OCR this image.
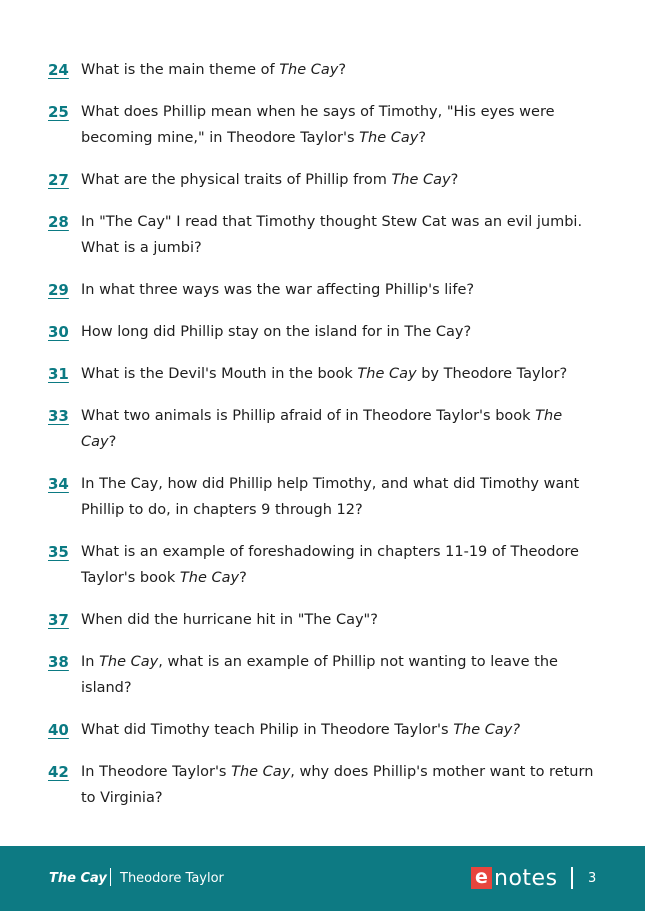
24 What is the main theme of The Cay?
25 What does Phillip mean when he says of Timothy, "His eyes were becoming mine," in Theodore Taylor's The Cay?
27 What are the physical traits of Phillip from The Cay?
28 In "The Cay" I read that Timothy thought Stew Cat was an evil jumbi. What is a jumbi?
29 In what three ways was the war affecting Phillip's life?
30 How long did Phillip stay on the island for in The Cay?
31 What is the Devil's Mouth in the book The Cay by Theodore Taylor?
33 What two animals is Phillip afraid of in Theodore Taylor's book The Cay?
34 In The Cay, how did Phillip help Timothy, and what did Timothy want Phillip to do, in chapters 9 through 12?
35 What is an example of foreshadowing in chapters 11-19 of Theodore Taylor's book The Cay?
37 When did the hurricane hit in "The Cay"?
38 In The Cay, what is an example of Phillip not wanting to leave the island?
40 What did Timothy teach Philip in Theodore Taylor's The Cay?
42 In Theodore Taylor's The Cay, why does Phillip's mother want to return to Virginia?
The Cay Theodore Taylor	e notes 3
